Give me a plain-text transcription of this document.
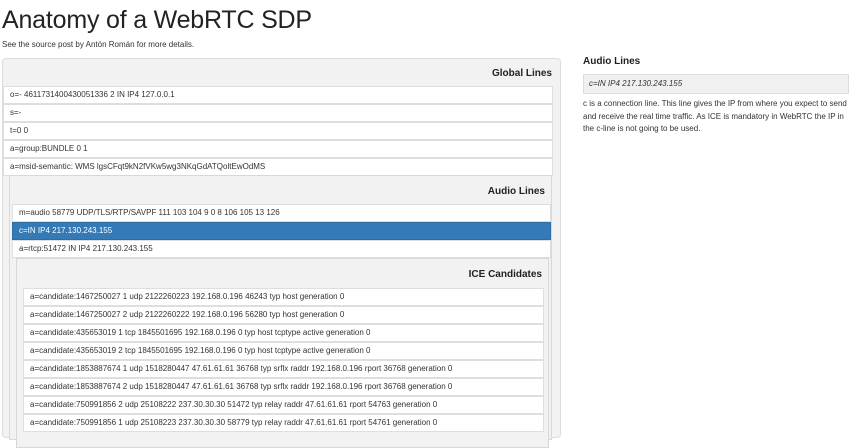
Anatomy of a WebRTC SDP
See the source post by Antón Román for more details.
Global Lines
o=- 4611731400430051336 2 IN IP4 127.0.0.1
s=-
t=0 0
a=group:BUNDLE 0 1
a=msid-semantic: WMS lgsCFqt9kN2fVKw5wg3NKqGdATQoltEwOdMS
Audio Lines
m=audio 58779 UDP/TLS/RTP/SAVPF 111 103 104 9 0 8 106 105 13 126
c=IN IP4 217.130.243.155
a=rtcp:51472 IN IP4 217.130.243.155
ICE Candidates
a=candidate:1467250027 1 udp 2122260223 192.168.0.196 46243 typ host generation 0
a=candidate:1467250027 2 udp 2122260222 192.168.0.196 56280 typ host generation 0
a=candidate:435653019 1 tcp 1845501695 192.168.0.196 0 typ host tcptype active generation 0
a=candidate:435653019 2 tcp 1845501695 192.168.0.196 0 typ host tcptype active generation 0
a=candidate:1853887674 1 udp 1518280447 47.61.61.61 36768 typ srflx raddr 192.168.0.196 rport 36768 generation 0
a=candidate:1853887674 2 udp 1518280447 47.61.61.61 36768 typ srflx raddr 192.168.0.196 rport 36768 generation 0
a=candidate:750991856 2 udp 25108222 237.30.30.30 51472 typ relay raddr 47.61.61.61 rport 54763 generation 0
a=candidate:750991856 1 udp 25108223 237.30.30.30 58779 typ relay raddr 47.61.61.61 rport 54761 generation 0
Audio Lines
c=IN IP4 217.130.243.155
c is a connection line. This line gives the IP from where you expect to send and receive the real time traffic. As ICE is mandatory in WebRTC the IP in the c-line is not going to be used.
